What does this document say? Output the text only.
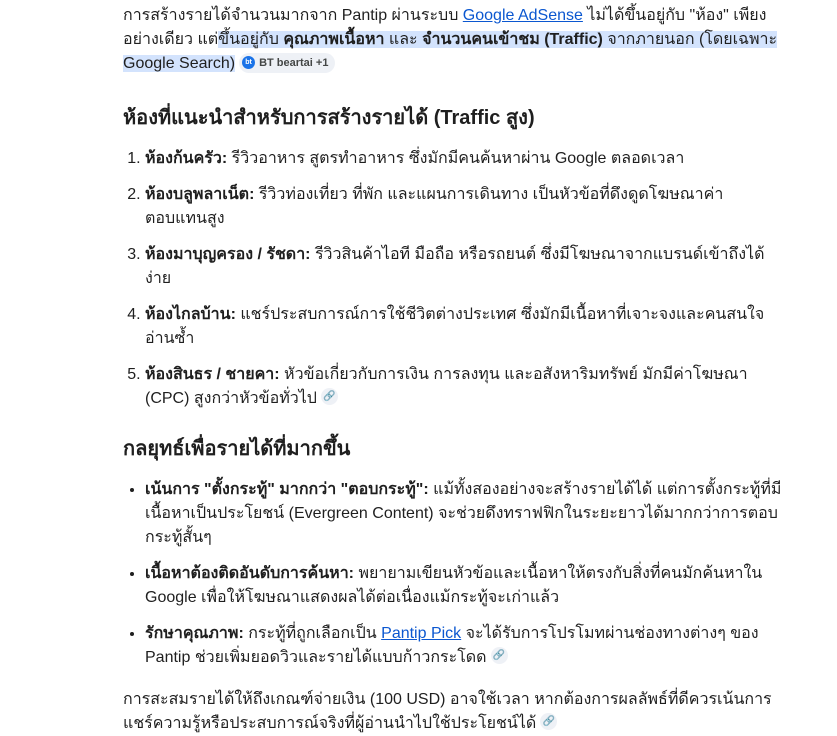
การสร้างรายได้จำนวนมากจาก Pantip ผ่านระบบ Google AdSense ไม่ได้ขึ้นอยู่กับ "ห้อง" เพียงอย่างเดียว แต่ขึ้นอยู่กับ คุณภาพเนื้อหา และ จำนวนคนเข้าชม (Traffic) จากภายนอก (โดยเฉพาะ Google Search)	bt BT beartai +1

ห้องที่แนะนำสำหรับการสร้างรายได้ (Traffic สูง)
1. ห้องก้นครัว: รีวิวอาหาร สูตรทำอาหาร ซึ่งมักมีคนค้นหาผ่าน Google ตลอดเวลา
2. ห้องบลูพลาเน็ต: รีวิวท่องเที่ยว ที่พัก และแผนการเดินทาง เป็นหัวข้อที่ดึงดูดโฆษณาค่าตอบแทนสูง
3. ห้องมาบุญครอง / รัชดา: รีวิวสินค้าไอที มือถือ หรือรถยนต์ ซึ่งมีโฆษณาจากแบรนด์เข้าถึงได้ง่าย
4. ห้องไกลบ้าน: แชร์ประสบการณ์การใช้ชีวิตต่างประเทศ ซึ่งมักมีเนื้อหาที่เจาะจงและคนสนใจอ่านซ้ำ
5. ห้องสินธร / ชายคา: หัวข้อเกี่ยวกับการเงิน การลงทุน และอสังหาริมทรัพย์ มักมีค่าโฆษณา (CPC) สูงกว่าหัวข้อทั่วไป 🔗
กลยุทธ์เพื่อรายได้ที่มากขึ้น
• เน้นการ "ตั้งกระทู้" มากกว่า "ตอบกระทู้": แม้ทั้งสองอย่างจะสร้างรายได้ได้ แต่การตั้งกระทู้ที่มีเนื้อหาเป็นประโยชน์ (Evergreen Content) จะช่วยดึงทราฟฟิกในระยะยาวได้มากกว่าการตอบกระทู้สั้นๆ
• เนื้อหาต้องติดอันดับการค้นหา: พยายามเขียนหัวข้อและเนื้อหาให้ตรงกับสิ่งที่คนมักค้นหาใน Google เพื่อให้โฆษณาแสดงผลได้ต่อเนื่องแม้กระทู้จะเก่าแล้ว
• รักษาคุณภาพ: กระทู้ที่ถูกเลือกเป็น Pantip Pick จะได้รับการโปรโมทผ่านช่องทางต่างๆ ของ Pantip ช่วยเพิ่มยอดวิวและรายได้แบบก้าวกระโดด 🔗

การสะสมรายได้ให้ถึงเกณฑ์จ่ายเงิน (100 USD) อาจใช้เวลา หากต้องการผลลัพธ์ที่ดีควรเน้นการแชร์ความรู้หรือประสบการณ์จริงที่ผู้อ่านนำไปใช้ประโยชน์ได้ 🔗
